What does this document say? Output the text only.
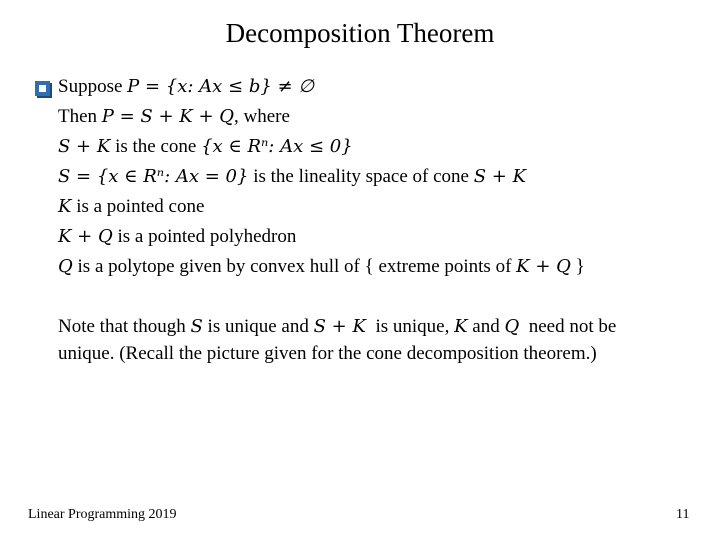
Decomposition Theorem
Suppose P = {x: Ax ≤ b} ≠ ∅
Then P = S + K + Q, where
S + K is the cone {x ∈ Rⁿ: Ax ≤ 0}
S = {x ∈ Rⁿ: Ax = 0} is the lineality space of cone S + K
K is a pointed cone
K + Q is a pointed polyhedron
Q is a polytope given by convex hull of { extreme points of K + Q }
Note that though S is unique and S + K  is unique, K and Q  need not be
unique. (Recall the picture given for the cone decomposition theorem.)
Linear Programming 2019	11
